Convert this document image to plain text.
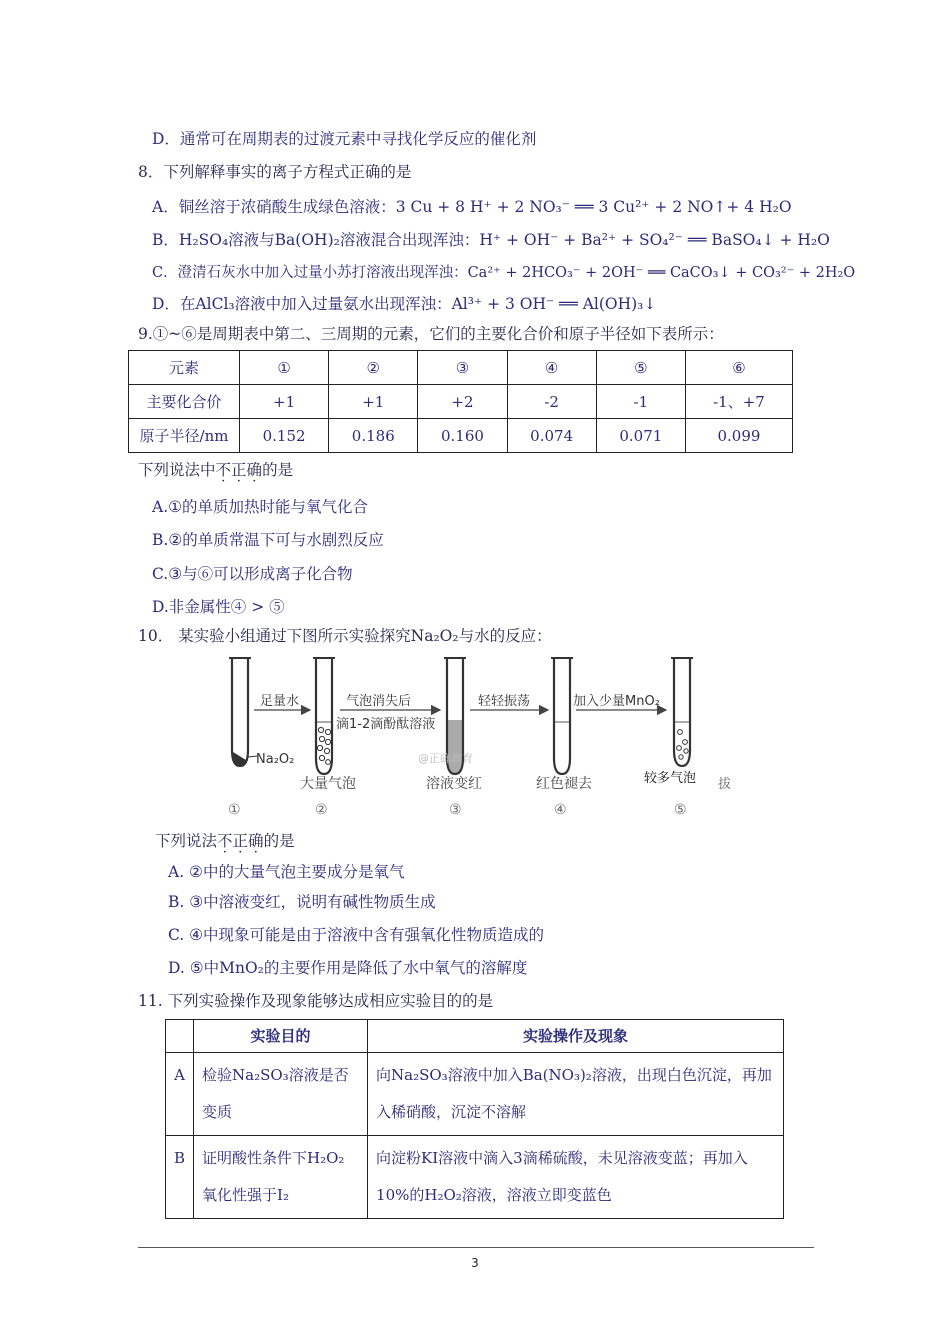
D．通常可在周期表的过渡元素中寻找化学反应的催化剂
8．下列解释事实的离子方程式正确的是
A．铜丝溶于浓硝酸生成绿色溶液：3 Cu + 8 H⁺ + 2 NO₃⁻ ══ 3 Cu²⁺ + 2 NO↑+ 4 H₂O
B．H₂SO₄溶液与Ba(OH)₂溶液混合出现浑浊：H⁺ + OH⁻ + Ba²⁺ + SO₄²⁻ ══ BaSO₄↓ + H₂O
C．澄清石灰水中加入过量小苏打溶液出现浑浊：Ca²⁺ + 2HCO₃⁻ + 2OH⁻ ══ CaCO₃↓ + CO₃²⁻ + 2H₂O
D．在AlCl₃溶液中加入过量氨水出现浑浊：Al³⁺ + 3 OH⁻ ══ Al(OH)₃↓
9.①~⑥是周期表中第二、三周期的元素，它们的主要化合价和原子半径如下表所示：
元素	①	②	③	④	⑤	⑥
主要化合价	+1	+1	+2	-2	-1	-1、+7
原子半径/nm	0.152	0.186	0.160	0.074	0.071	0.099
下列说法中不正确的是
A.①的单质加热时能与氧气化合
B.②的单质常温下可与水剧烈反应
C.③与⑥可以形成离子化合物
D.非金属性④ > ⑤
10． 某实验小组通过下图所示实验探究Na₂O₂与水的反应：
Na₂O₂
足量水	气泡消失后
滴1-2滴酚酞溶液
@正确教育
轻轻振荡	加入少量MnO₂
大量气泡	溶液变红	红色褪去	较多气泡 拔
①	②	③	④	⑤
下列说法不正确的是
A. ②中的大量气泡主要成分是氧气
B. ③中溶液变红，说明有碱性物质生成
C. ④中现象可能是由于溶液中含有强氧化性物质造成的
D. ⑤中MnO₂的主要作用是降低了水中氧气的溶解度
11. 下列实验操作及现象能够达成相应实验目的的是
	实验目的	实验操作及现象
A	检验Na₂SO₃溶液是否变质	向Na₂SO₃溶液中加入Ba(NO₃)₂溶液，出现白色沉淀，再加入稀硝酸，沉淀不溶解
B	证明酸性条件下H₂O₂氧化性强于I₂	向淀粉KI溶液中滴入3滴稀硫酸，未见溶液变蓝；再加入10%的H₂O₂溶液，溶液立即变蓝色
3
